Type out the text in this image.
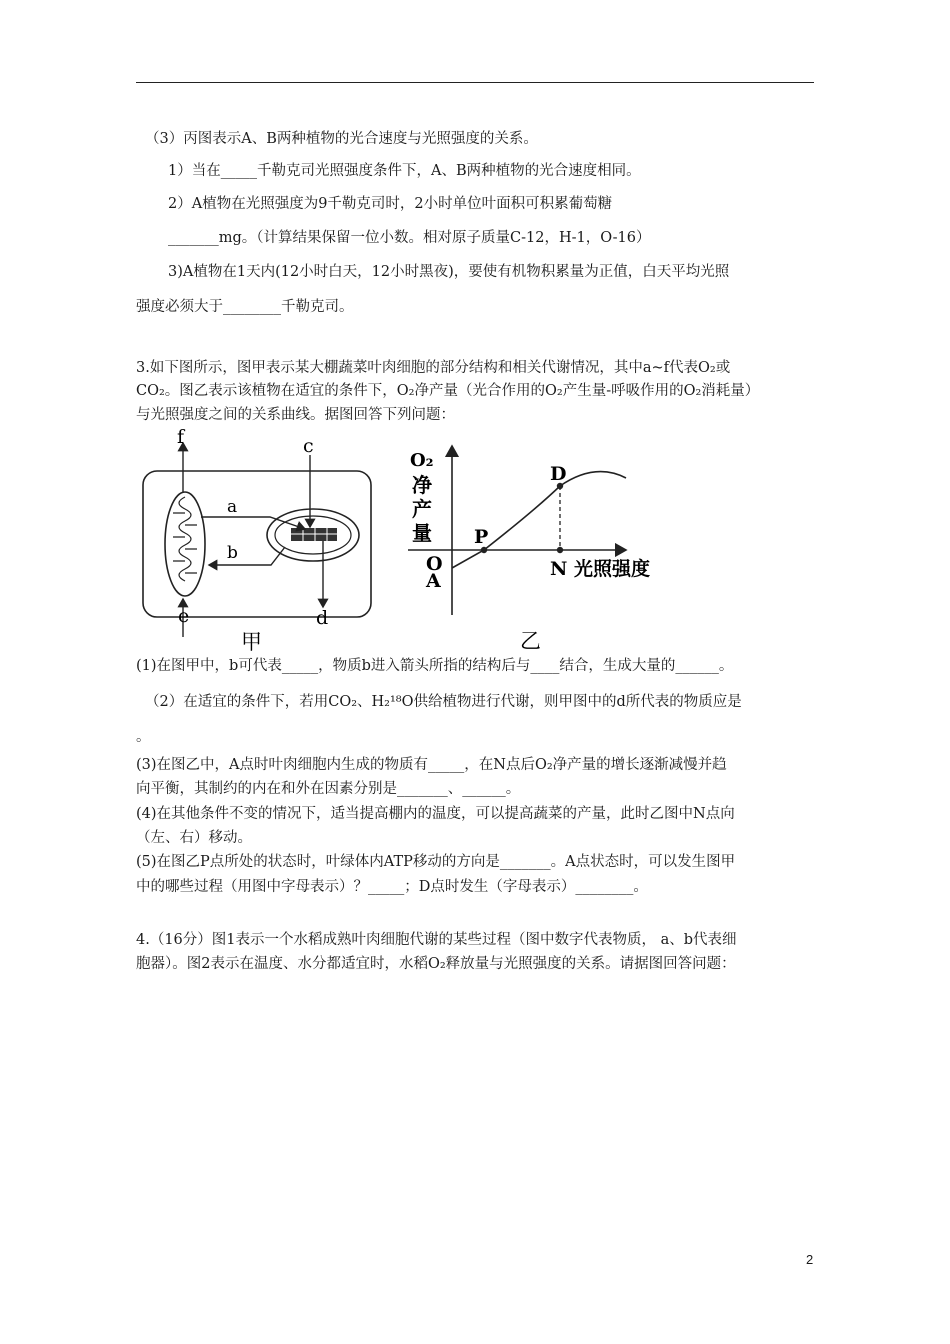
（3）丙图表示A、B两种植物的光合速度与光照强度的关系。
1）当在_____千勒克司光照强度条件下，A、B两种植物的光合速度相同。
2）A植物在光照强度为9千勒克司时，2小时单位叶面积可积累葡萄糖
_______mg。（计算结果保留一位小数。相对原子质量C-12，H-1，O-16）
3)A植物在1天内(12小时白天，12小时黑夜)，要使有机物积累量为正值，白天平均光照
强度必须大于________千勒克司。
3.如下图所示，图甲表示某大棚蔬菜叶肉细胞的部分结构和相关代谢情况，其中a~f代表O₂或
CO₂。图乙表示该植物在适宜的条件下，O₂净产量（光合作用的O₂产生量-呼吸作用的O₂消耗量）
与光照强度之间的关系曲线。据图回答下列问题：
f	c
a
b
e	d
甲
O₂
净
产
量
O
A
P
D
N 光照强度
乙
(1)在图甲中，b可代表_____，物质b进入箭头所指的结构后与____结合，生成大量的______。
（2）在适宜的条件下，若用CO₂、H₂¹⁸O供给植物进行代谢，则甲图中的d所代表的物质应是
。
(3)在图乙中，A点时叶肉细胞内生成的物质有_____，在N点后O₂净产量的增长逐渐减慢并趋
向平衡，其制约的内在和外在因素分别是_______、______。
(4)在其他条件不变的情况下，适当提高棚内的温度，可以提高蔬菜的产量，此时乙图中N点向
（左、右）移动。
(5)在图乙P点所处的状态时，叶绿体内ATP移动的方向是_______。A点状态时，可以发生图甲
中的哪些过程（用图中字母表示）？_____；D点时发生（字母表示）________。
4.（16分）图1表示一个水稻成熟叶肉细胞代谢的某些过程（图中数字代表物质， a、b代表细
胞器）。图2表示在温度、水分都适宜时，水稻O₂释放量与光照强度的关系。请据图回答问题：
2
